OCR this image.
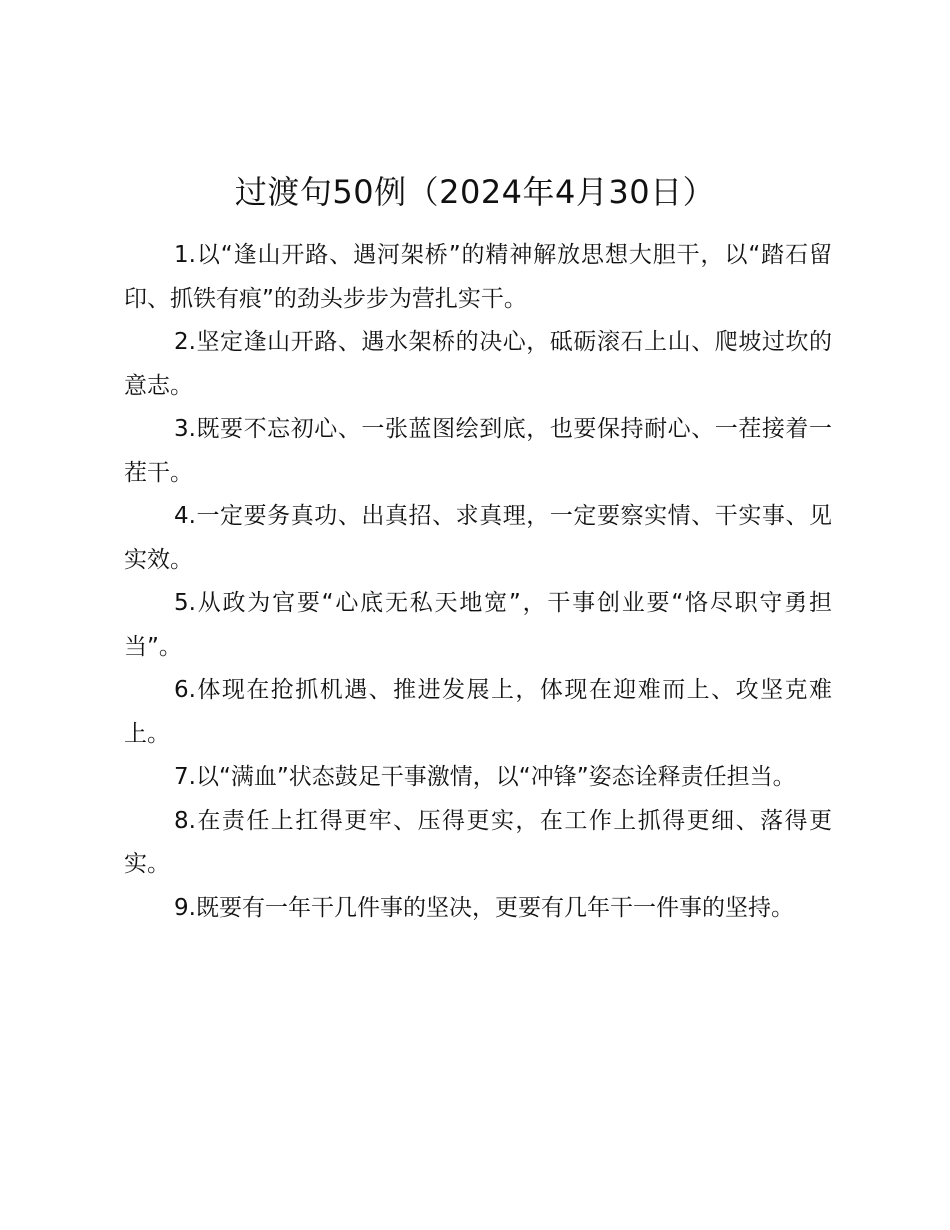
过渡句50例（2024年4月30日）

1.以“逢山开路、遇河架桥”的精神解放思想大胆干，以“踏石留印、抓铁有痕”的劲头步步为营扎实干。

2.坚定逢山开路、遇水架桥的决心，砥砺滚石上山、爬坡过坎的意志。

3.既要不忘初心、一张蓝图绘到底，也要保持耐心、一茬接着一茬干。

4.一定要务真功、出真招、求真理，一定要察实情、干实事、见实效。

5.从政为官要“心底无私天地宽”，干事创业要“恪尽职守勇担当”。

6.体现在抢抓机遇、推进发展上，体现在迎难而上、攻坚克难上。

7.以“满血”状态鼓足干事激情，以“冲锋”姿态诠释责任担当。

8.在责任上扛得更牢、压得更实，在工作上抓得更细、落得更实。

9.既要有一年干几件事的坚决，更要有几年干一件事的坚持。
